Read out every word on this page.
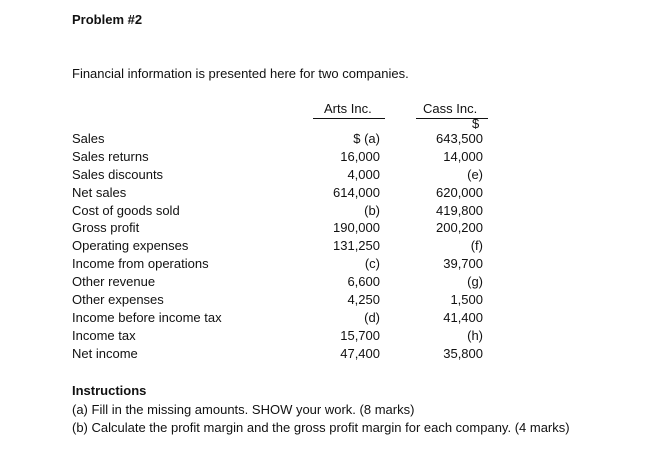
Problem #2
Financial information is presented here for two companies.
Arts Inc.	Cass Inc.
$
Sales	$ (a)	643,500
Sales returns	16,000	14,000
Sales discounts	4,000	(e)
Net sales	614,000	620,000
Cost of goods sold	(b)	419,800
Gross profit	190,000	200,200
Operating expenses	131,250	(f)
Income from operations	(c)	39,700
Other revenue	6,600	(g)
Other expenses	4,250	1,500
Income before income tax	(d)	41,400
Income tax	15,700	(h)
Net income	47,400	35,800
Instructions
(a) Fill in the missing amounts. SHOW your work. (8 marks)
(b) Calculate the profit margin and the gross profit margin for each company. (4 marks)
